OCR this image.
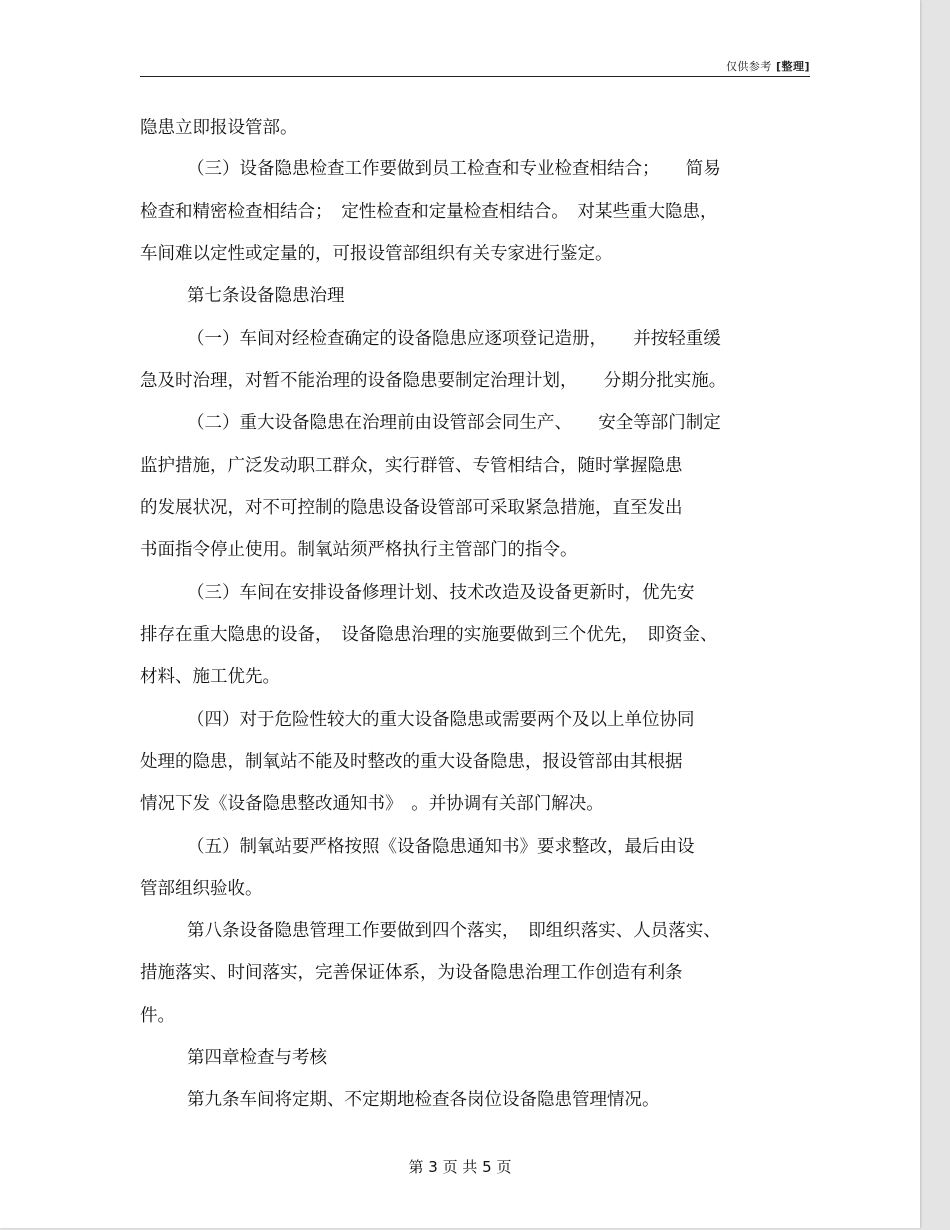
仅供参考 [整理]
隐患立即报设管部。
（三）设备隐患检查工作要做到员工检查和专业检查相结合；　　简易
检查和精密检查相结合；　定性检查和定量检查相结合。　对某些重大隐患，
车间难以定性或定量的，可报设管部组织有关专家进行鉴定。
第七条设备隐患治理
（一）车间对经检查确定的设备隐患应逐项登记造册，　　并按轻重缓
急及时治理，对暂不能治理的设备隐患要制定治理计划，　　分期分批实施。
（二）重大设备隐患在治理前由设管部会同生产、　　安全等部门制定
监护措施，广泛发动职工群众，实行群管、专管相结合，随时掌握隐患
的发展状况，对不可控制的隐患设备设管部可采取紧急措施，直至发出
书面指令停止使用。制氧站须严格执行主管部门的指令。
（三）车间在安排设备修理计划、技术改造及设备更新时，优先安
排存在重大隐患的设备，　设备隐患治理的实施要做到三个优先，　即资金、
材料、施工优先。
（四）对于危险性较大的重大设备隐患或需要两个及以上单位协同
处理的隐患，制氧站不能及时整改的重大设备隐患，报设管部由其根据
情况下发《设备隐患整改通知书》　。并协调有关部门解决。
（五）制氧站要严格按照《设备隐患通知书》要求整改，最后由设
管部组织验收。
第八条设备隐患管理工作要做到四个落实，　即组织落实、人员落实、
措施落实、时间落实，完善保证体系，为设备隐患治理工作创造有利条
件。
第四章检查与考核
第九条车间将定期、不定期地检查各岗位设备隐患管理情况。
第 3 页 共 5 页
